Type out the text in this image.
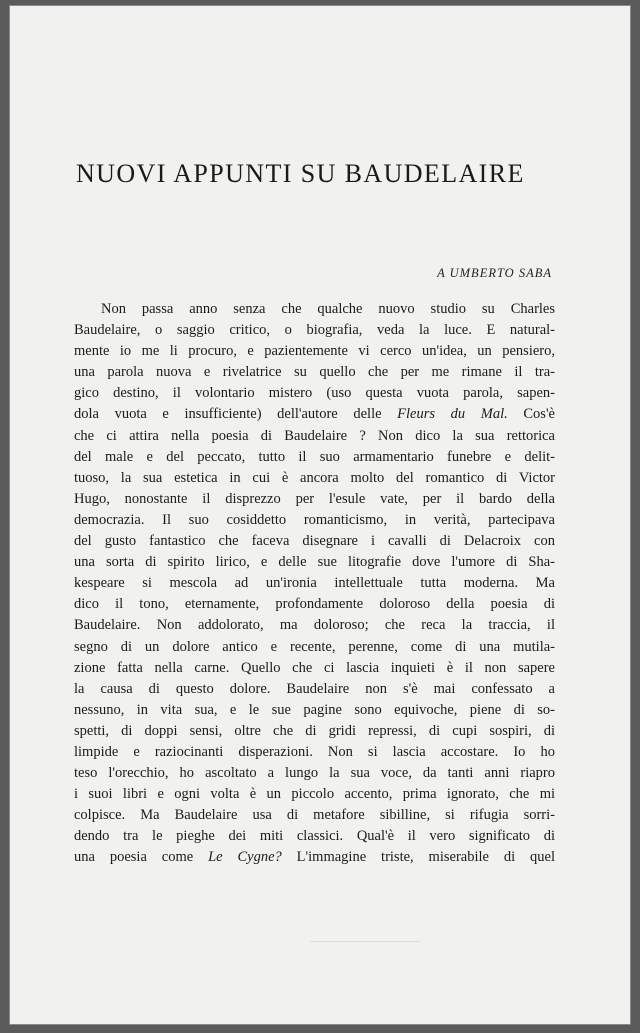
NUOVI APPUNTI SU BAUDELAIRE

A UMBERTO SABA

Non passa anno senza che qualche nuovo studio su Charles
Baudelaire, o saggio critico, o biografia, veda la luce. E natural-
mente io me li procuro, e pazientemente vi cerco un'idea, un pensiero,
una parola nuova e rivelatrice su quello che per me rimane il tra-
gico destino, il volontario mistero (uso questa vuota parola, sapen-
dola vuota e insufficiente) dell'autore delle Fleurs du Mal. Cos'è
che ci attira nella poesia di Baudelaire ? Non dico la sua rettorica
del male e del peccato, tutto il suo armamentario funebre e delit-
tuoso, la sua estetica in cui è ancora molto del romantico di Victor
Hugo, nonostante il disprezzo per l'esule vate, per il bardo della
democrazia. Il suo cosiddetto romanticismo, in verità, partecipava
del gusto fantastico che faceva disegnare i cavalli di Delacroix con
una sorta di spirito lirico, e delle sue litografie dove l'umore di Sha-
kespeare si mescola ad un'ironia intellettuale tutta moderna. Ma
dico il tono, eternamente, profondamente doloroso della poesia di
Baudelaire. Non addolorato, ma doloroso; che reca la traccia, il
segno di un dolore antico e recente, perenne, come di una mutila-
zione fatta nella carne. Quello che ci lascia inquieti è il non sapere
la causa di questo dolore. Baudelaire non s'è mai confessato a
nessuno, in vita sua, e le sue pagine sono equivoche, piene di so-
spetti, di doppi sensi, oltre che di gridi repressi, di cupi sospiri, di
limpide e raziocinanti disperazioni. Non si lascia accostare. Io ho
teso l'orecchio, ho ascoltato a lungo la sua voce, da tanti anni riapro
i suoi libri e ogni volta è un piccolo accento, prima ignorato, che mi
colpisce. Ma Baudelaire usa di metafore sibilline, si rifugia sorri-
dendo tra le pieghe dei miti classici. Qual'è il vero significato di
una poesia come Le Cygne? L'immagine triste, miserabile di quel
